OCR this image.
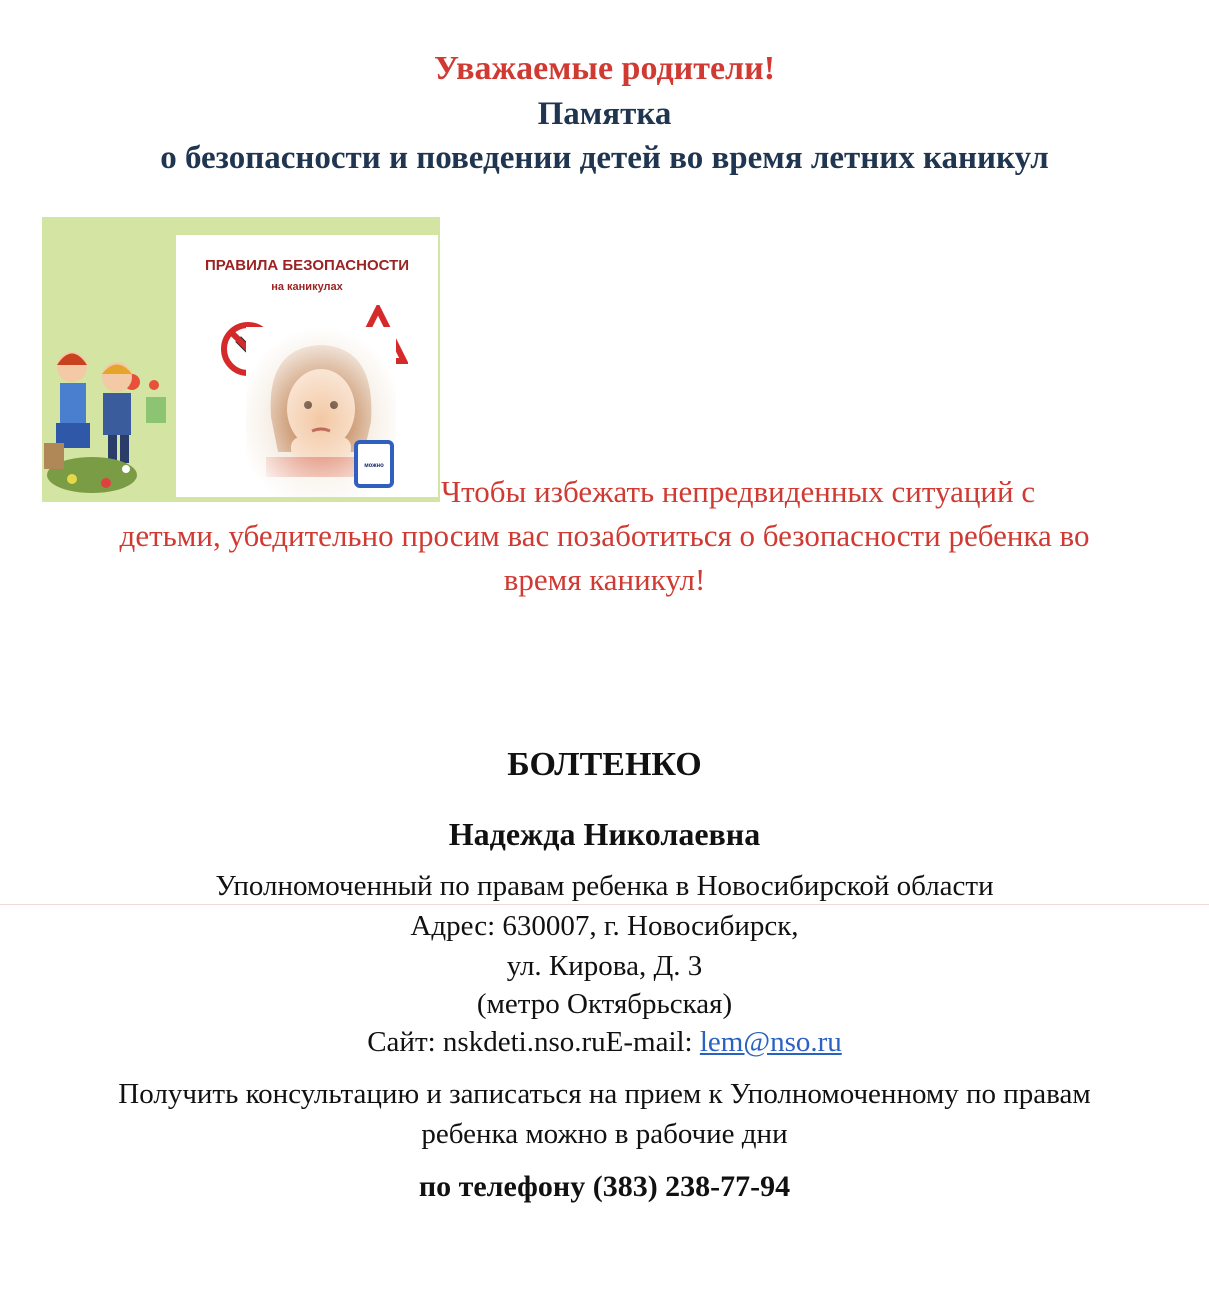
Уважаемые родители!
Памятка
о безопасности и поведении детей во время летних каникул
ПРАВИЛА БЕЗОПАСНОСТИ
на каникулах
можно
Чтобы избежать непредвиденных ситуаций с
детьми, убедительно просим вас позаботиться о безопасности ребенка во
время каникул!
БОЛТЕНКО
Надежда Николаевна
Уполномоченный по правам ребенка в Новосибирской области
Адрес: 630007, г. Новосибирск,
ул. Кирова, Д. 3
(метро Октябрьская)
Сайт: nskdeti.nso.ruE-mail: lem@nso.ru
Получить консультацию и записаться на прием к Уполномоченному по правам
ребенка можно в рабочие дни
по телефону (383) 238-77-94
